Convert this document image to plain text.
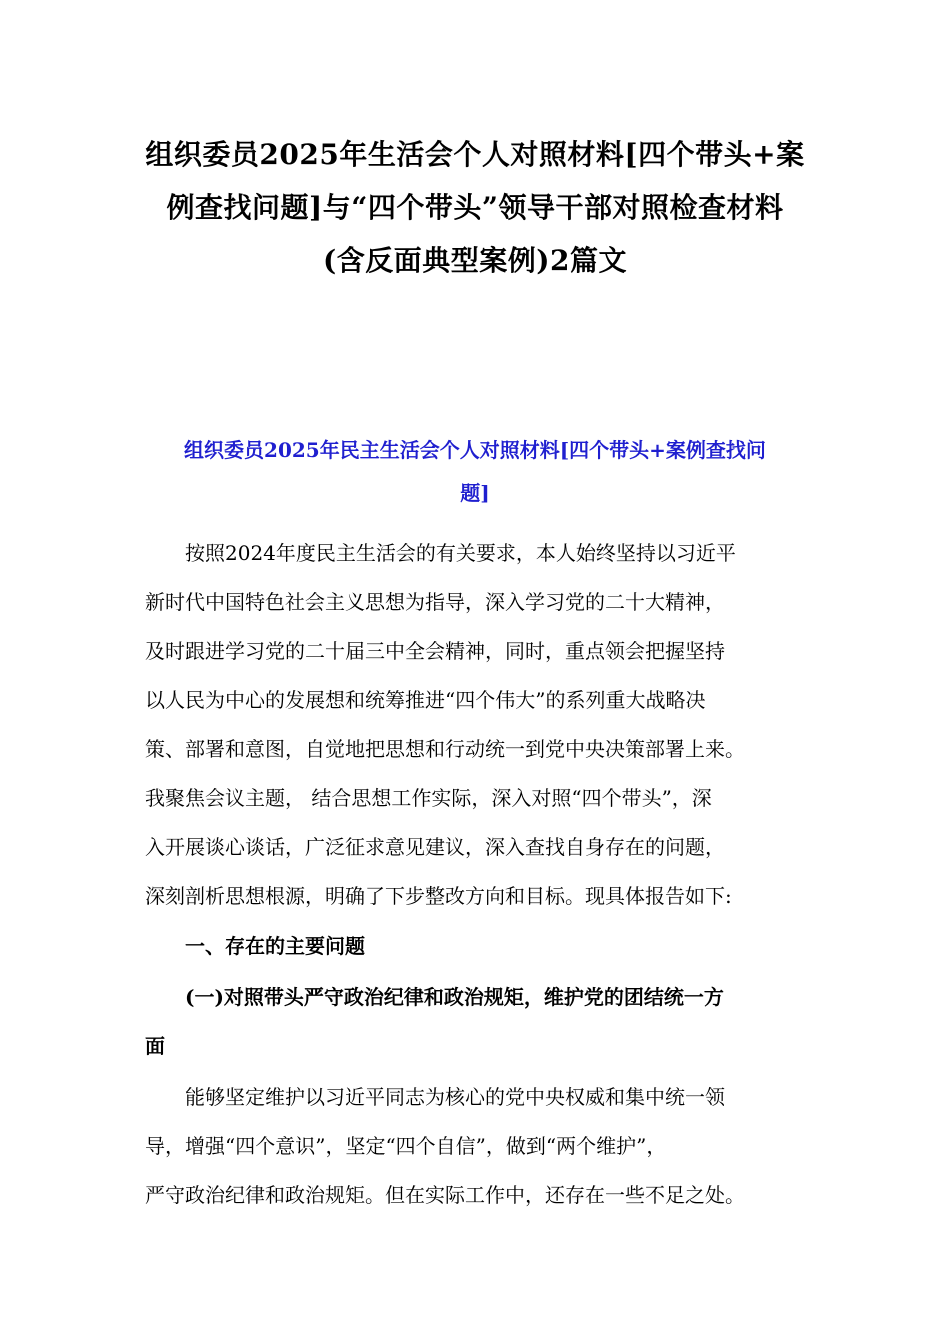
组织委员2025年生活会个人对照材料[四个带头+案
例查找问题]与“四个带头”领导干部对照检查材料
(含反面典型案例)2篇文
组织委员2025年民主生活会个人对照材料[四个带头+案例查找问
题]
按照2024年度民主生活会的有关要求，本人始终坚持以习近平
新时代中国特色社会主义思想为指导，深入学习党的二十大精神，
及时跟进学习党的二十届三中全会精神，同时，重点领会把握坚持
以人民为中心的发展想和统筹推进“四个伟大”的系列重大战略决
策、部署和意图，自觉地把思想和行动统一到党中央决策部署上来。
我聚焦会议主题， 结合思想工作实际，深入对照“四个带头”，深
入开展谈心谈话，广泛征求意见建议，深入查找自身存在的问题，
深刻剖析思想根源，明确了下步整改方向和目标。现具体报告如下:
一、存在的主要问题
(一)对照带头严守政治纪律和政治规矩，维护党的团结统一方
面
能够坚定维护以习近平同志为核心的党中央权威和集中统一领
导，增强“四个意识”，坚定“四个自信”，做到“两个维护”，
严守政治纪律和政治规矩。但在实际工作中，还存在一些不足之处。
